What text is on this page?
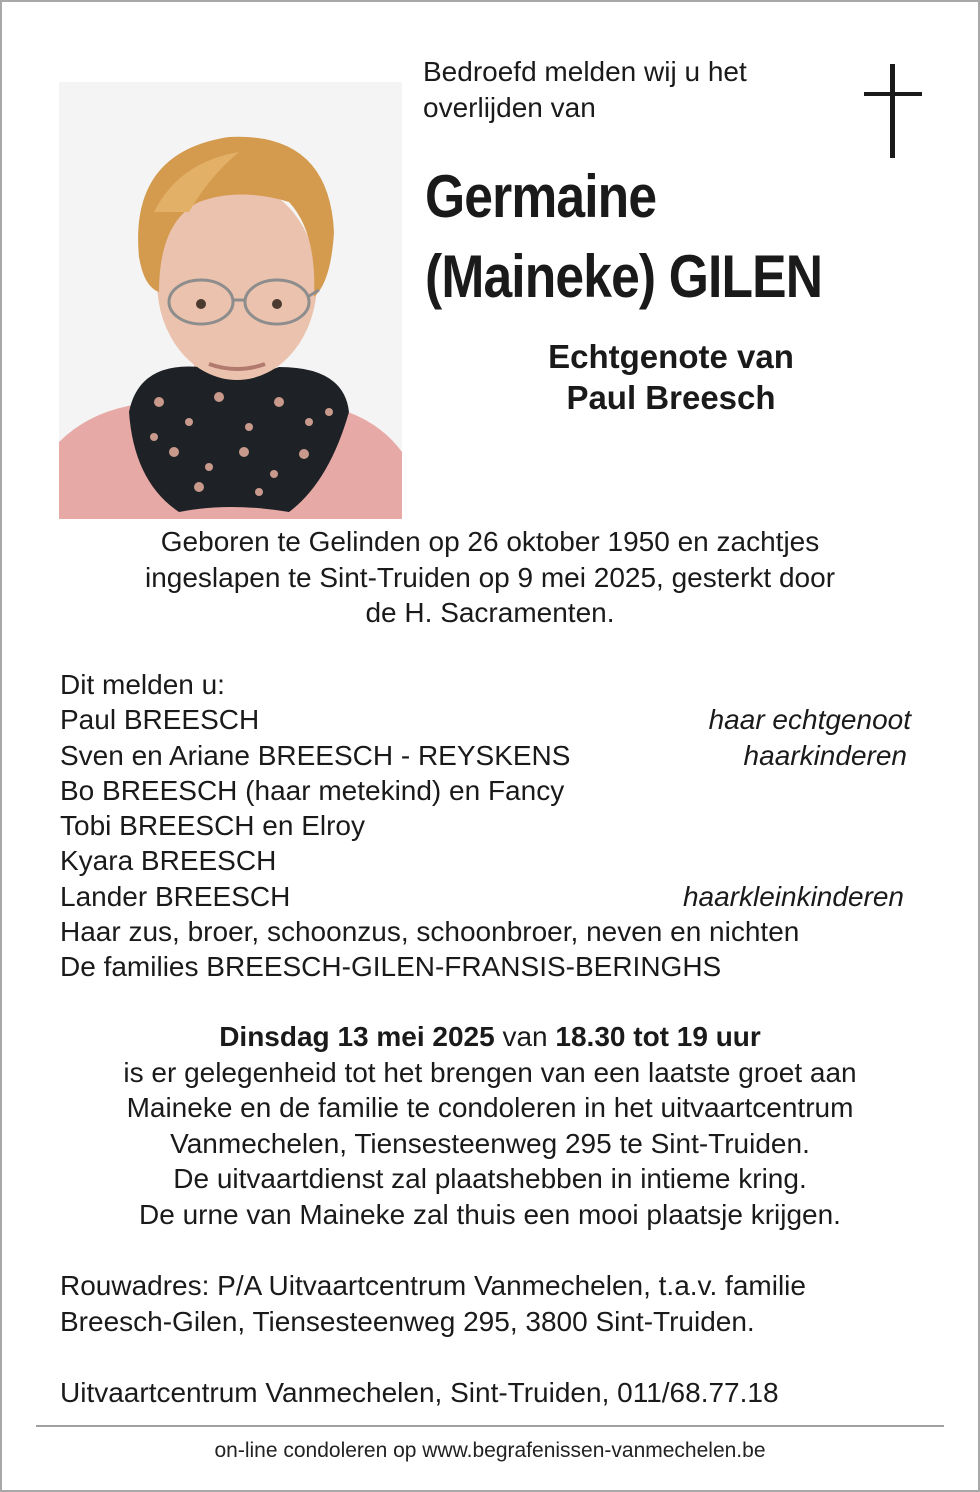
Bedroefd melden wij u het
overlijden van
Germaine
(Maineke) GILEN
Echtgenote van
Paul Breesch
Geboren te Gelinden op 26 oktober 1950 en zachtjes
ingeslapen te Sint-Truiden op 9 mei 2025, gesterkt door
de H. Sacramenten.
Dit melden u:
Paul BREESCH	haar echtgenoot
Sven en Ariane BREESCH - REYSKENS	haarkinderen
Bo BREESCH (haar metekind) en Fancy
Tobi BREESCH en Elroy
Kyara BREESCH
Lander BREESCH	haarkleinkinderen
Haar zus, broer, schoonzus, schoonbroer, neven en nichten
De families BREESCH-GILEN-FRANSIS-BERINGHS
Dinsdag 13 mei 2025 van 18.30 tot 19 uur
is er gelegenheid tot het brengen van een laatste groet aan
Maineke en de familie te condoleren in het uitvaartcentrum
Vanmechelen, Tiensesteenweg 295 te Sint-Truiden.
De uitvaartdienst zal plaatshebben in intieme kring.
De urne van Maineke zal thuis een mooi plaatsje krijgen.
Rouwadres: P/A Uitvaartcentrum Vanmechelen, t.a.v. familie
Breesch-Gilen, Tiensesteenweg 295, 3800 Sint-Truiden.
Uitvaartcentrum Vanmechelen, Sint-Truiden, 011/68.77.18
on-line condoleren op www.begrafenissen-vanmechelen.be
